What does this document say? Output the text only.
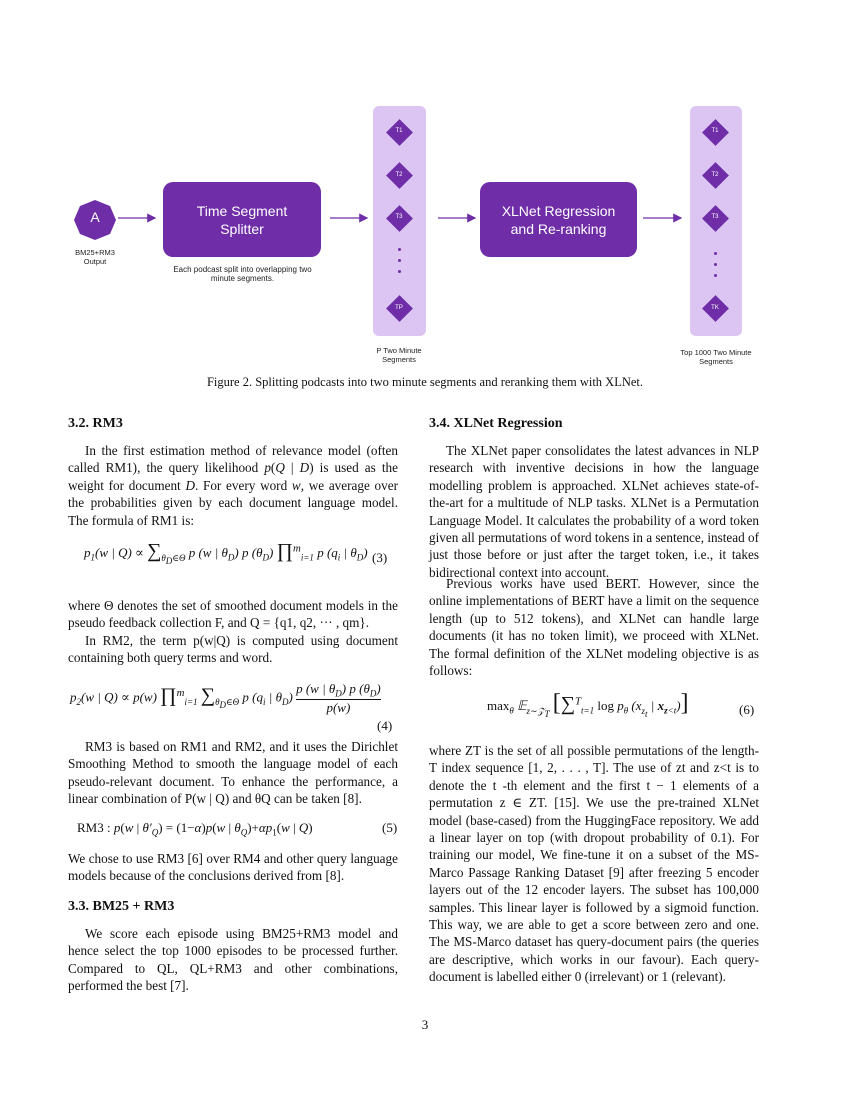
A
BM25+RM3 Output
Time Segment
Splitter
Each podcast split into overlapping two minute segments.
T1
T2
T3
TP
P Two Minute Segments
XLNet Regression
and Re-ranking
T1
T2
T3
TK
Top 1000 Two Minute Segments
Figure 2. Splitting podcasts into two minute segments and reranking them with XLNet.
3.2. RM3

In the first estimation method of relevance model (often called RM1), the query likelihood p(Q | D) is used as the weight for document D. For every word w, we average over the probabilities given by each document language model. The formula of RM1 is:

$p_1(w$ | $Q) \propto \sum_{\theta_D\in\Theta}$ p (w | $\theta_D$) p $(\theta_D)$ ∏$^m_{i=1}$ p ($q_i$ | $\theta_D$) (3)

where Θ denotes the set of smoothed document models in the pseudo feedback collection F, and Q = {q1, q2, ··· , qm}.

In RM2, the term p(w|Q) is computed using document containing both query terms and word.

$p_2(w$ | Q) ∝ p(w) ∏$^m_{i=1}$ $\sum_{\theta_D\in\Theta}$ p ($q_i$ | $\theta_D) \frac{p (w | \theta_D) p (\theta_D)}{p(w)}$
(4)

RM3 is based on RM1 and RM2, and it uses the Dirichlet Smoothing Method to smooth the language model of each pseudo-relevant document. To enhance the performance, a linear combination of P(w | Q) and θQ can be taken [8].

RM3 : p(w | $\theta'_Q) = (1-\alpha)p(w$ | $\theta_Q)+\alpha p_1(w$ | Q)	(5)

We chose to use RM3 [6] over RM4 and other query language models because of the conclusions derived from [8].

3.3. BM25 + RM3

We score each episode using BM25+RM3 model and hence select the top 1000 episodes to be processed further. Compared to QL, QL+RM3 and other combinations, performed the best [7].

3.4. XLNet Regression

The XLNet paper consolidates the latest advances in NLP research with inventive decisions in how the language modelling problem is approached. XLNet achieves state-of-the-art for a multitude of NLP tasks. XLNet is a Permutation Language Model. It calculates the probability of a word token given all permutations of word tokens in a sentence, instead of just those before or just after the target token, i.e., it takes bidirectional context into account.

Previous works have used BERT. However, since the online implementations of BERT have a limit on the sequence length (up to 512 tokens), and XLNet can handle large documents (it has no token limit), we proceed with XLNet. The formal definition of the XLNet modeling objective is as follows:

$\max_\theta$ 𝔼$_{z\sim 𝒵_T}$ [∑$^T_{t=1}$ $\log p_\theta$ ($x_{z_t}$ | $x_{z<t}$)]	(6)

where ZT is the set of all possible permutations of the length-T index sequence [1, 2, . . . , T]. The use of zt and z<t is to denote the t -th element and the first t − 1 elements of a permutation z ∈ ZT. [15]. We use the pre-trained XLNet model (base-cased) from the HuggingFace repository. We add a linear layer on top (with dropout probability of 0.1). For training our model, We fine-tune it on a subset of the MS-Marco Passage Ranking Dataset [9] after freezing 5 encoder layers out of the 12 encoder layers. The subset has 100,000 samples. This linear layer is followed by a sigmoid function. This way, we are able to get a score between zero and one. The MS-Marco dataset has query-document pairs (the queries are descriptive, which works in our favour). Each query-document is labelled either 0 (irrelevant) or 1 (relevant).

3
